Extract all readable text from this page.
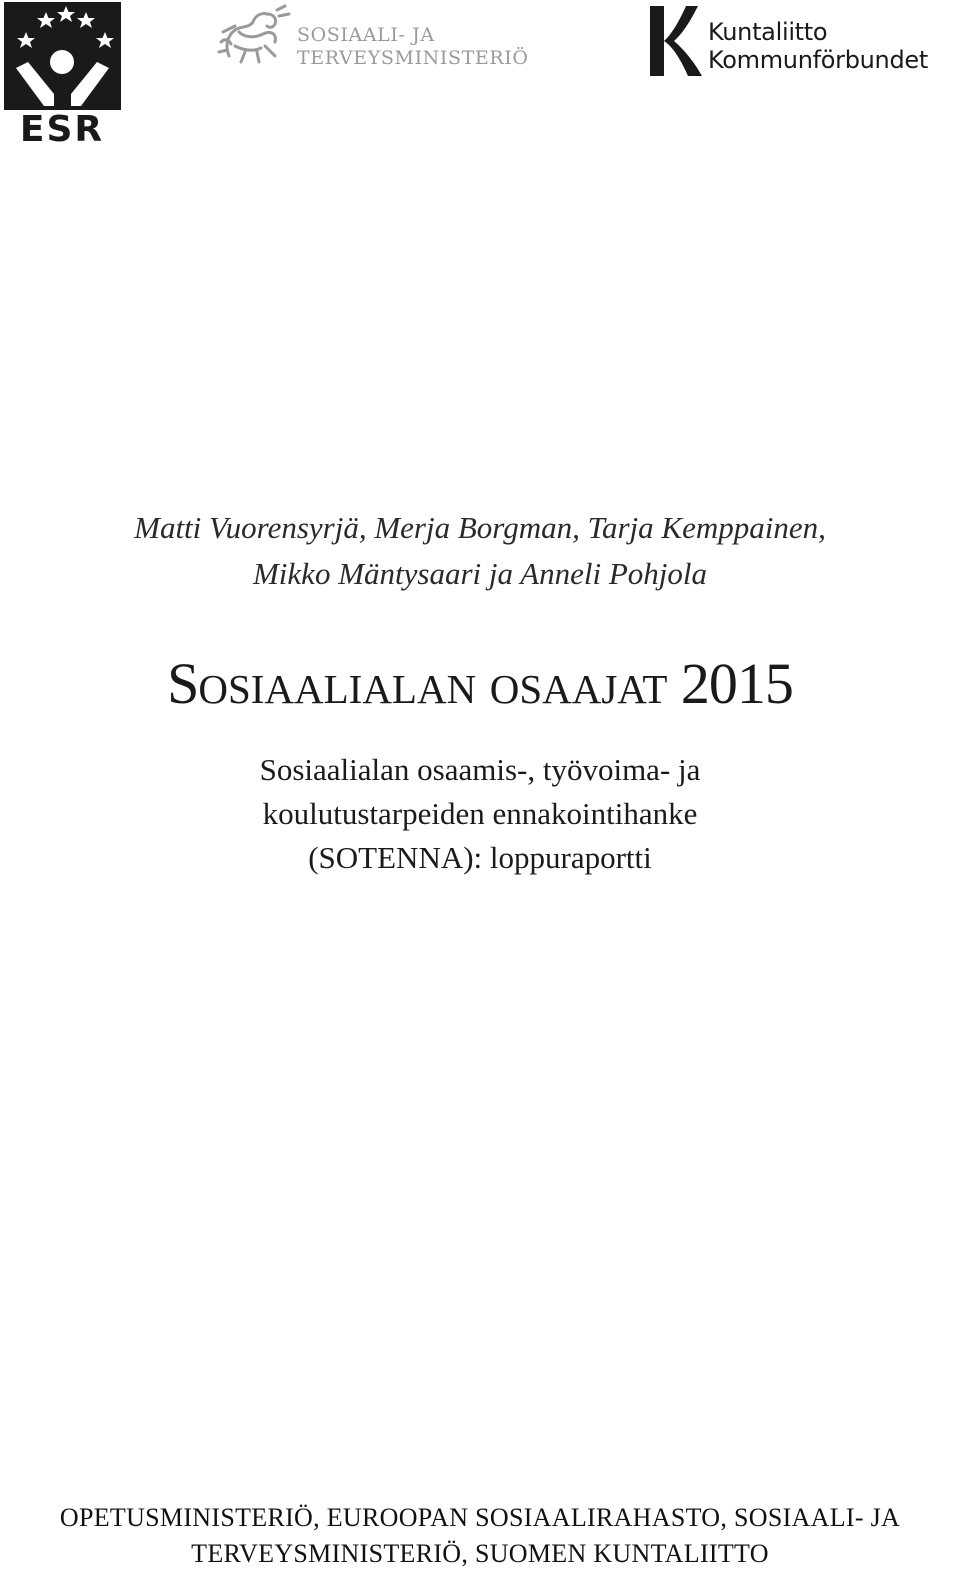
ESR
SOSIAALI- JA
TERVEYSMINISTERIÖ
Kuntaliitto
Kommunförbundet
Matti Vuorensyrjä, Merja Borgman, Tarja Kemppainen,
Mikko Mäntysaari ja Anneli Pohjola
SOSIAALIALAN OSAAJAT 2015
Sosiaalialan osaamis-, työvoima- ja
koulutustarpeiden ennakointihanke
(SOTENNA): loppuraportti
OPETUSMINISTERIÖ, EUROOPAN SOSIAALIRAHASTO, SOSIAALI- JA
TERVEYSMINISTERIÖ, SUOMEN KUNTALIITTO
